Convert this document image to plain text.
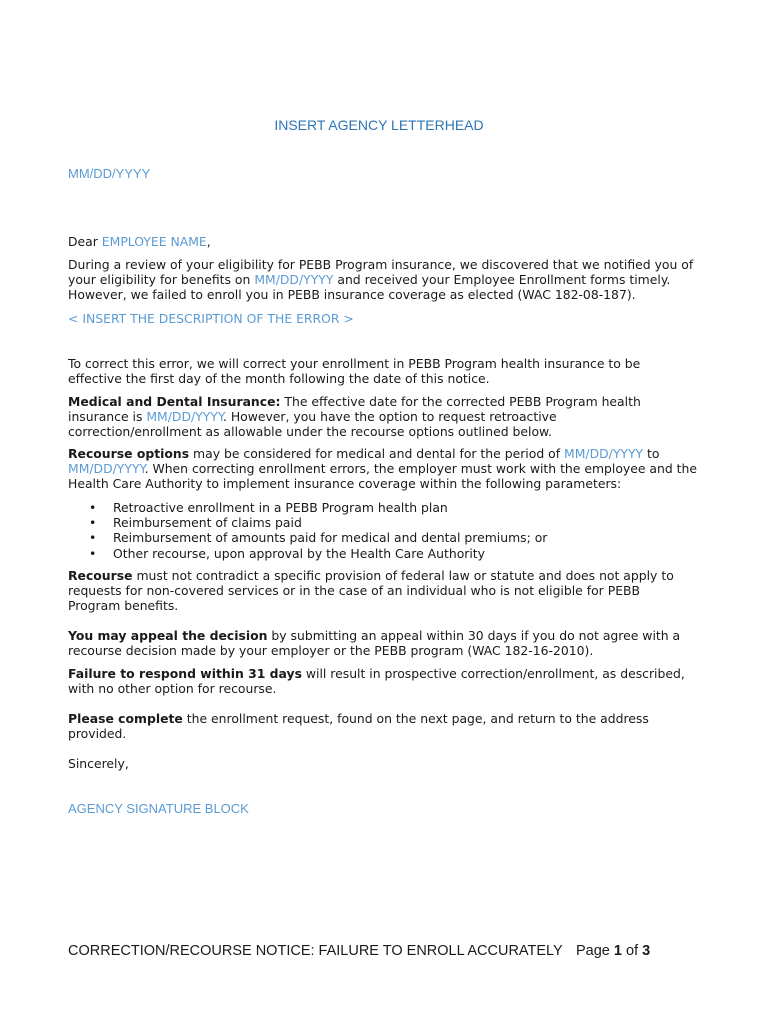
INSERT AGENCY LETTERHEAD
MM/DD/YYYY

Dear EMPLOYEE NAME,

During a review of your eligibility for PEBB Program insurance, we discovered that we notified you of your eligibility for benefits on MM/DD/YYYY and received your Employee Enrollment forms timely. However, we failed to enroll you in PEBB insurance coverage as elected (WAC 182-08-187).

< INSERT THE DESCRIPTION OF THE ERROR >

To correct this error, we will correct your enrollment in PEBB Program health insurance to be effective the first day of the month following the date of this notice.

Medical and Dental Insurance: The effective date for the corrected PEBB Program health insurance is MM/DD/YYYY. However, you have the option to request retroactive correction/enrollment as allowable under the recourse options outlined below.

Recourse options may be considered for medical and dental for the period of MM/DD/YYYY to MM/DD/YYYY. When correcting enrollment errors, the employer must work with the employee and the Health Care Authority to implement insurance coverage within the following parameters:

• Retroactive enrollment in a PEBB Program health plan
• Reimbursement of claims paid
• Reimbursement of amounts paid for medical and dental premiums; or
• Other recourse, upon approval by the Health Care Authority

Recourse must not contradict a specific provision of federal law or statute and does not apply to requests for non-covered services or in the case of an individual who is not eligible for PEBB Program benefits.

You may appeal the decision by submitting an appeal within 30 days if you do not agree with a recourse decision made by your employer or the PEBB program (WAC 182-16-2010).

Failure to respond within 31 days will result in prospective correction/enrollment, as described, with no other option for recourse.

Please complete the enrollment request, found on the next page, and return to the address provided.

Sincerely,
AGENCY SIGNATURE BLOCK
CORRECTION/RECOURSE NOTICE: FAILURE TO ENROLL ACCURATELY Page 1 of 3
